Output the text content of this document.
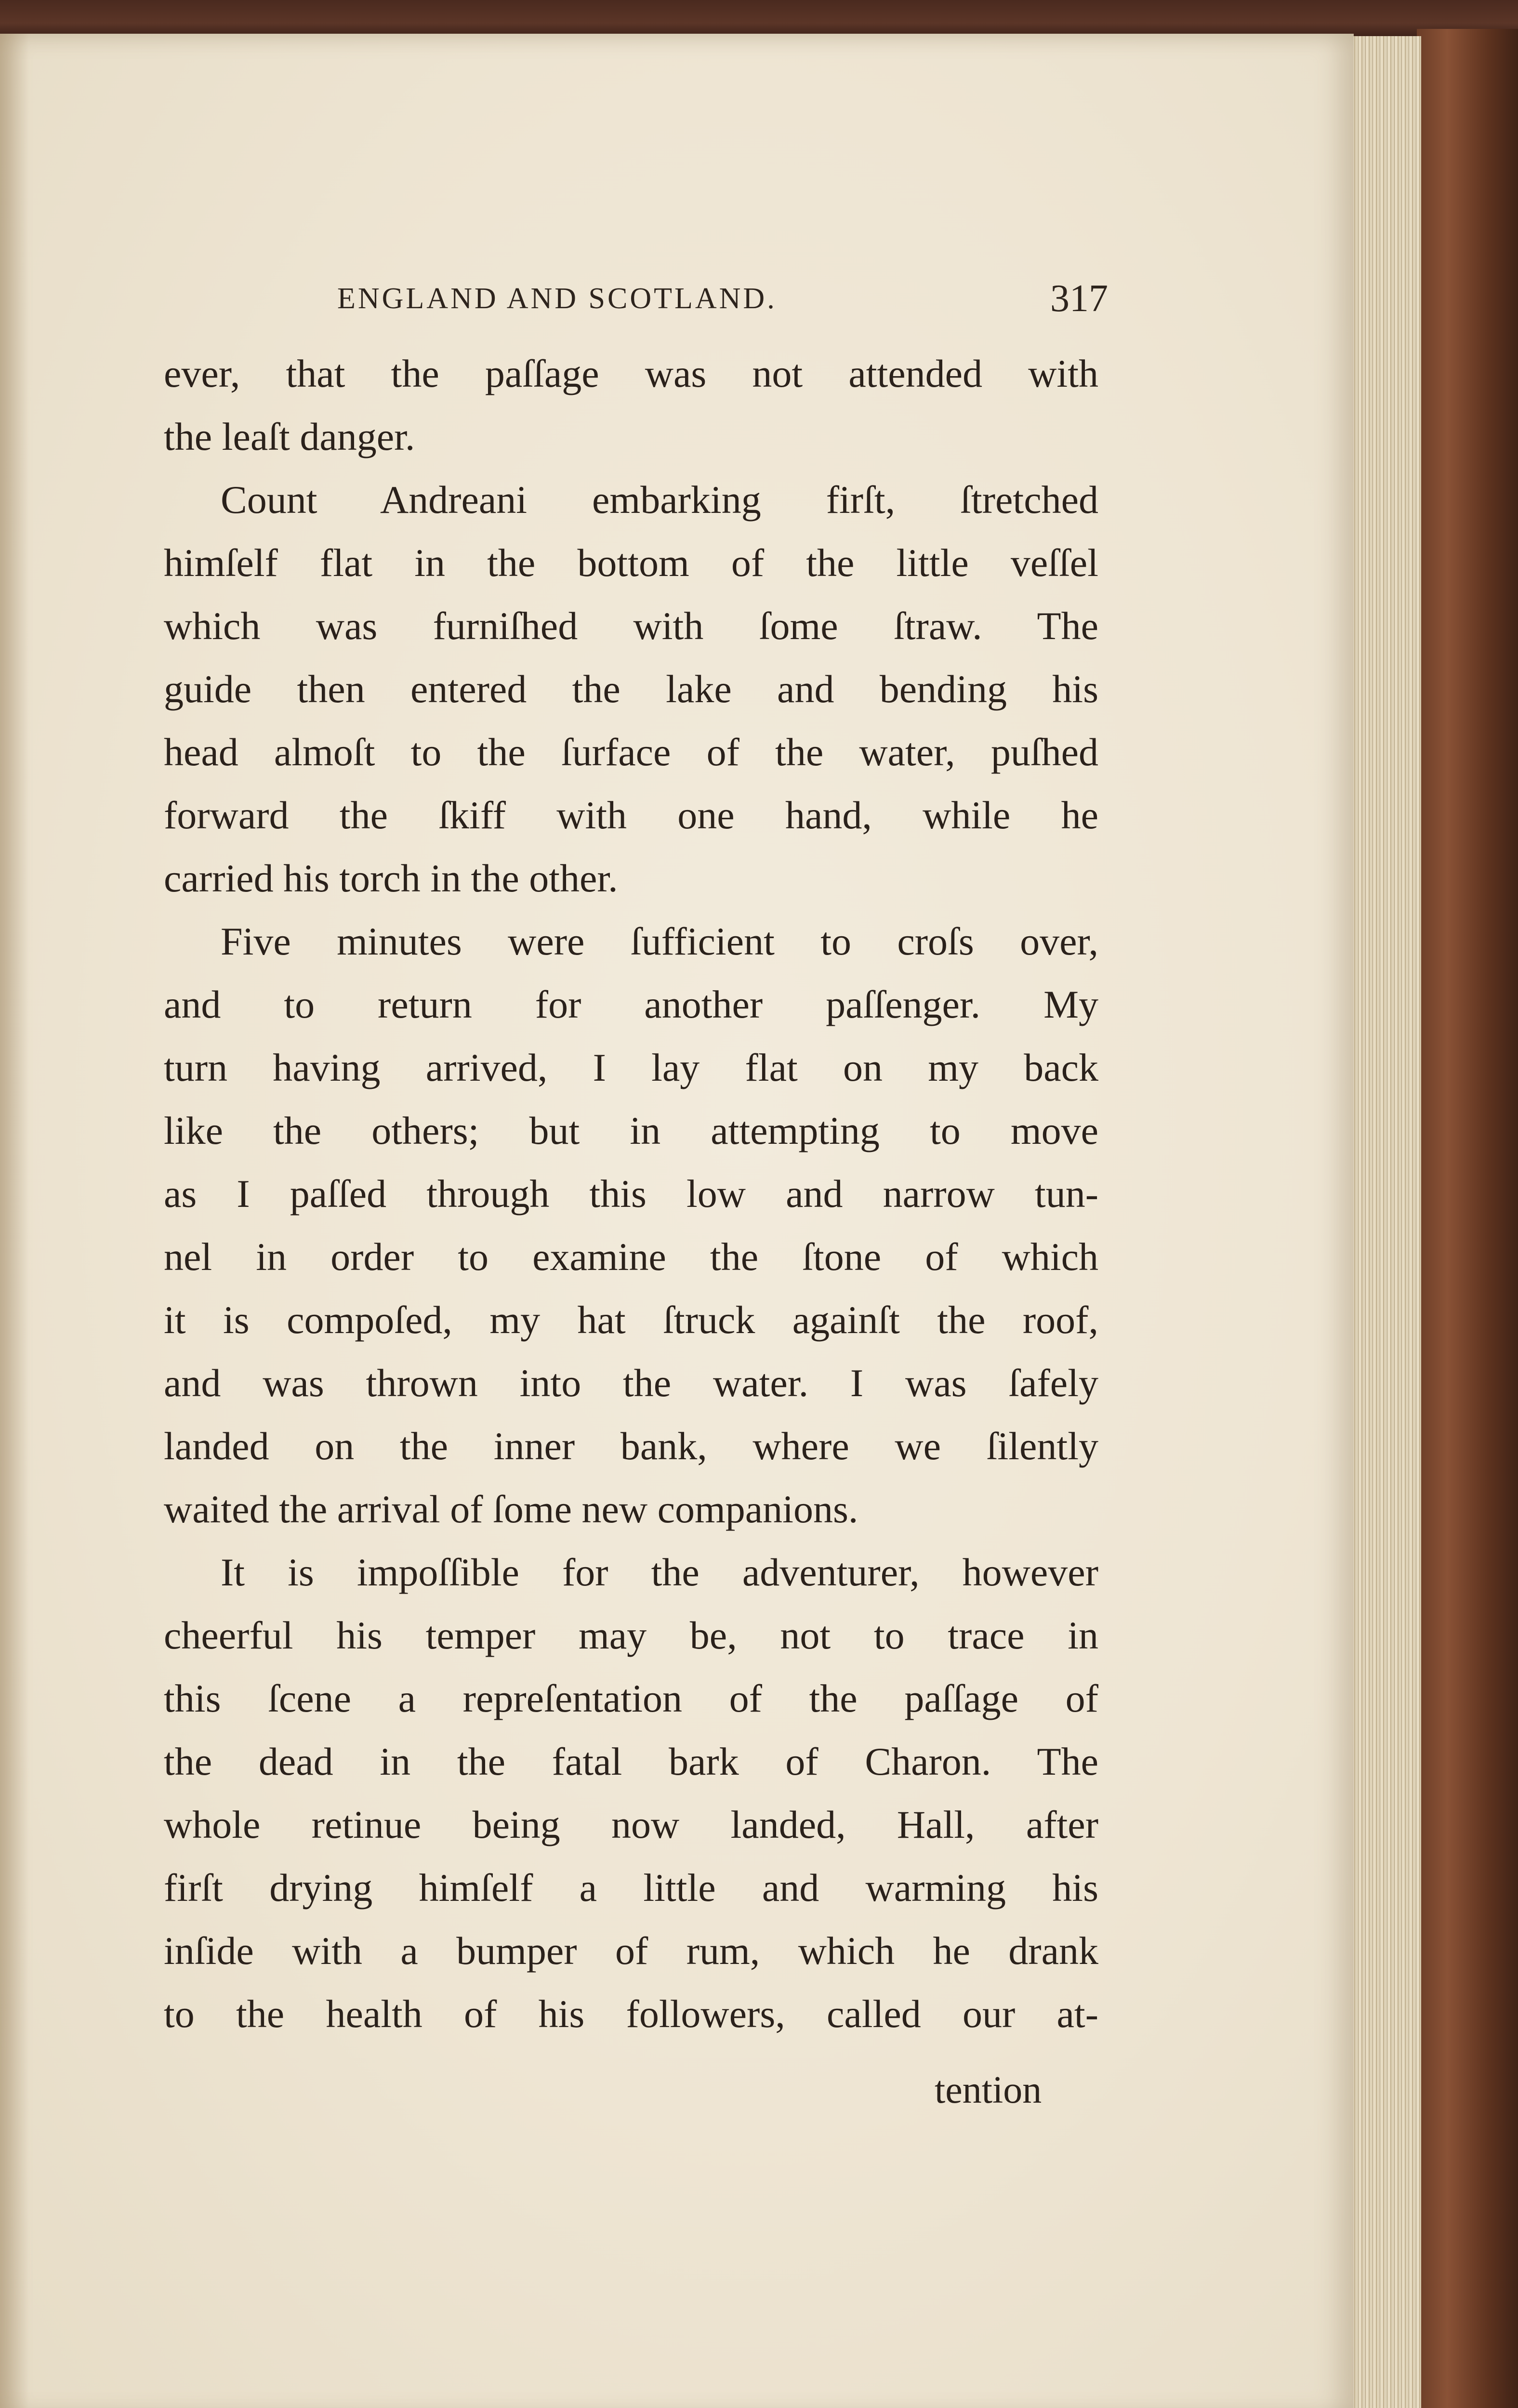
ENGLAND AND SCOTLAND.	317
ever, that the paſſage was not attended with
the leaſt danger.
Count Andreani embarking firſt, ſtretched
himſelf flat in the bottom of the little veſſel
which was furniſhed with ſome ſtraw. The
guide then entered the lake and bending his
head almoſt to the ſurface of the water, puſhed
forward the ſkiff with one hand, while he
carried his torch in the other.
Five minutes were ſufficient to croſs over,
and to return for another paſſenger. My
turn having arrived, I lay flat on my back
like the others; but in attempting to move
as I paſſed through this low and narrow tun-
nel in order to examine the ſtone of which
it is compoſed, my hat ſtruck againſt the roof,
and was thrown into the water. I was ſafely
landed on the inner bank, where we ſilently
waited the arrival of ſome new companions.
It is impoſſible for the adventurer, however
cheerful his temper may be, not to trace in
this ſcene a repreſentation of the paſſage of
the dead in the fatal bark of Charon. The
whole retinue being now landed, Hall, after
firſt drying himſelf a little and warming his
inſide with a bumper of rum, which he drank
to the health of his followers, called our at-
tention
